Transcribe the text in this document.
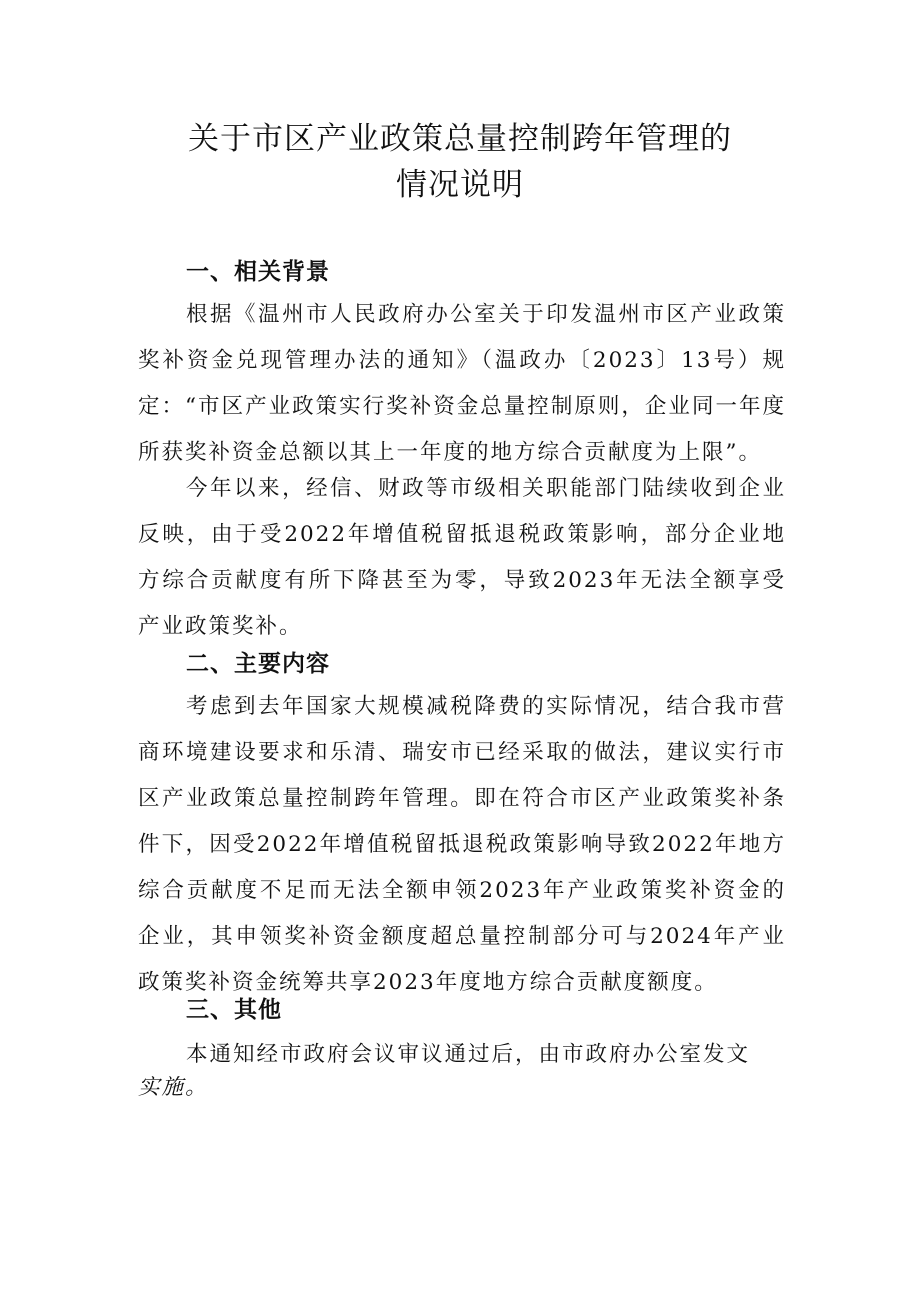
关于市区产业政策总量控制跨年管理的
情况说明
一、相关背景

根据《温州市人民政府办公室关于印发温州市区产业政策奖补资金兑现管理办法的通知》（温政办〔2023〕13号）规定：“市区产业政策实行奖补资金总量控制原则，企业同一年度所获奖补资金总额以其上一年度的地方综合贡献度为上限”。

今年以来，经信、财政等市级相关职能部门陆续收到企业反映，由于受2022年增值税留抵退税政策影响，部分企业地方综合贡献度有所下降甚至为零，导致2023年无法全额享受产业政策奖补。

二、主要内容

考虑到去年国家大规模减税降费的实际情况，结合我市营商环境建设要求和乐清、瑞安市已经采取的做法，建议实行市区产业政策总量控制跨年管理。即在符合市区产业政策奖补条件下，因受2022年增值税留抵退税政策影响导致2022年地方综合贡献度不足而无法全额申领2023年产业政策奖补资金的企业，其申领奖补资金额度超总量控制部分可与2024年产业政策奖补资金统筹共享2023年度地方综合贡献度额度。

三、其他

本通知经市政府会议审议通过后，由市政府办公室发文

实施。
